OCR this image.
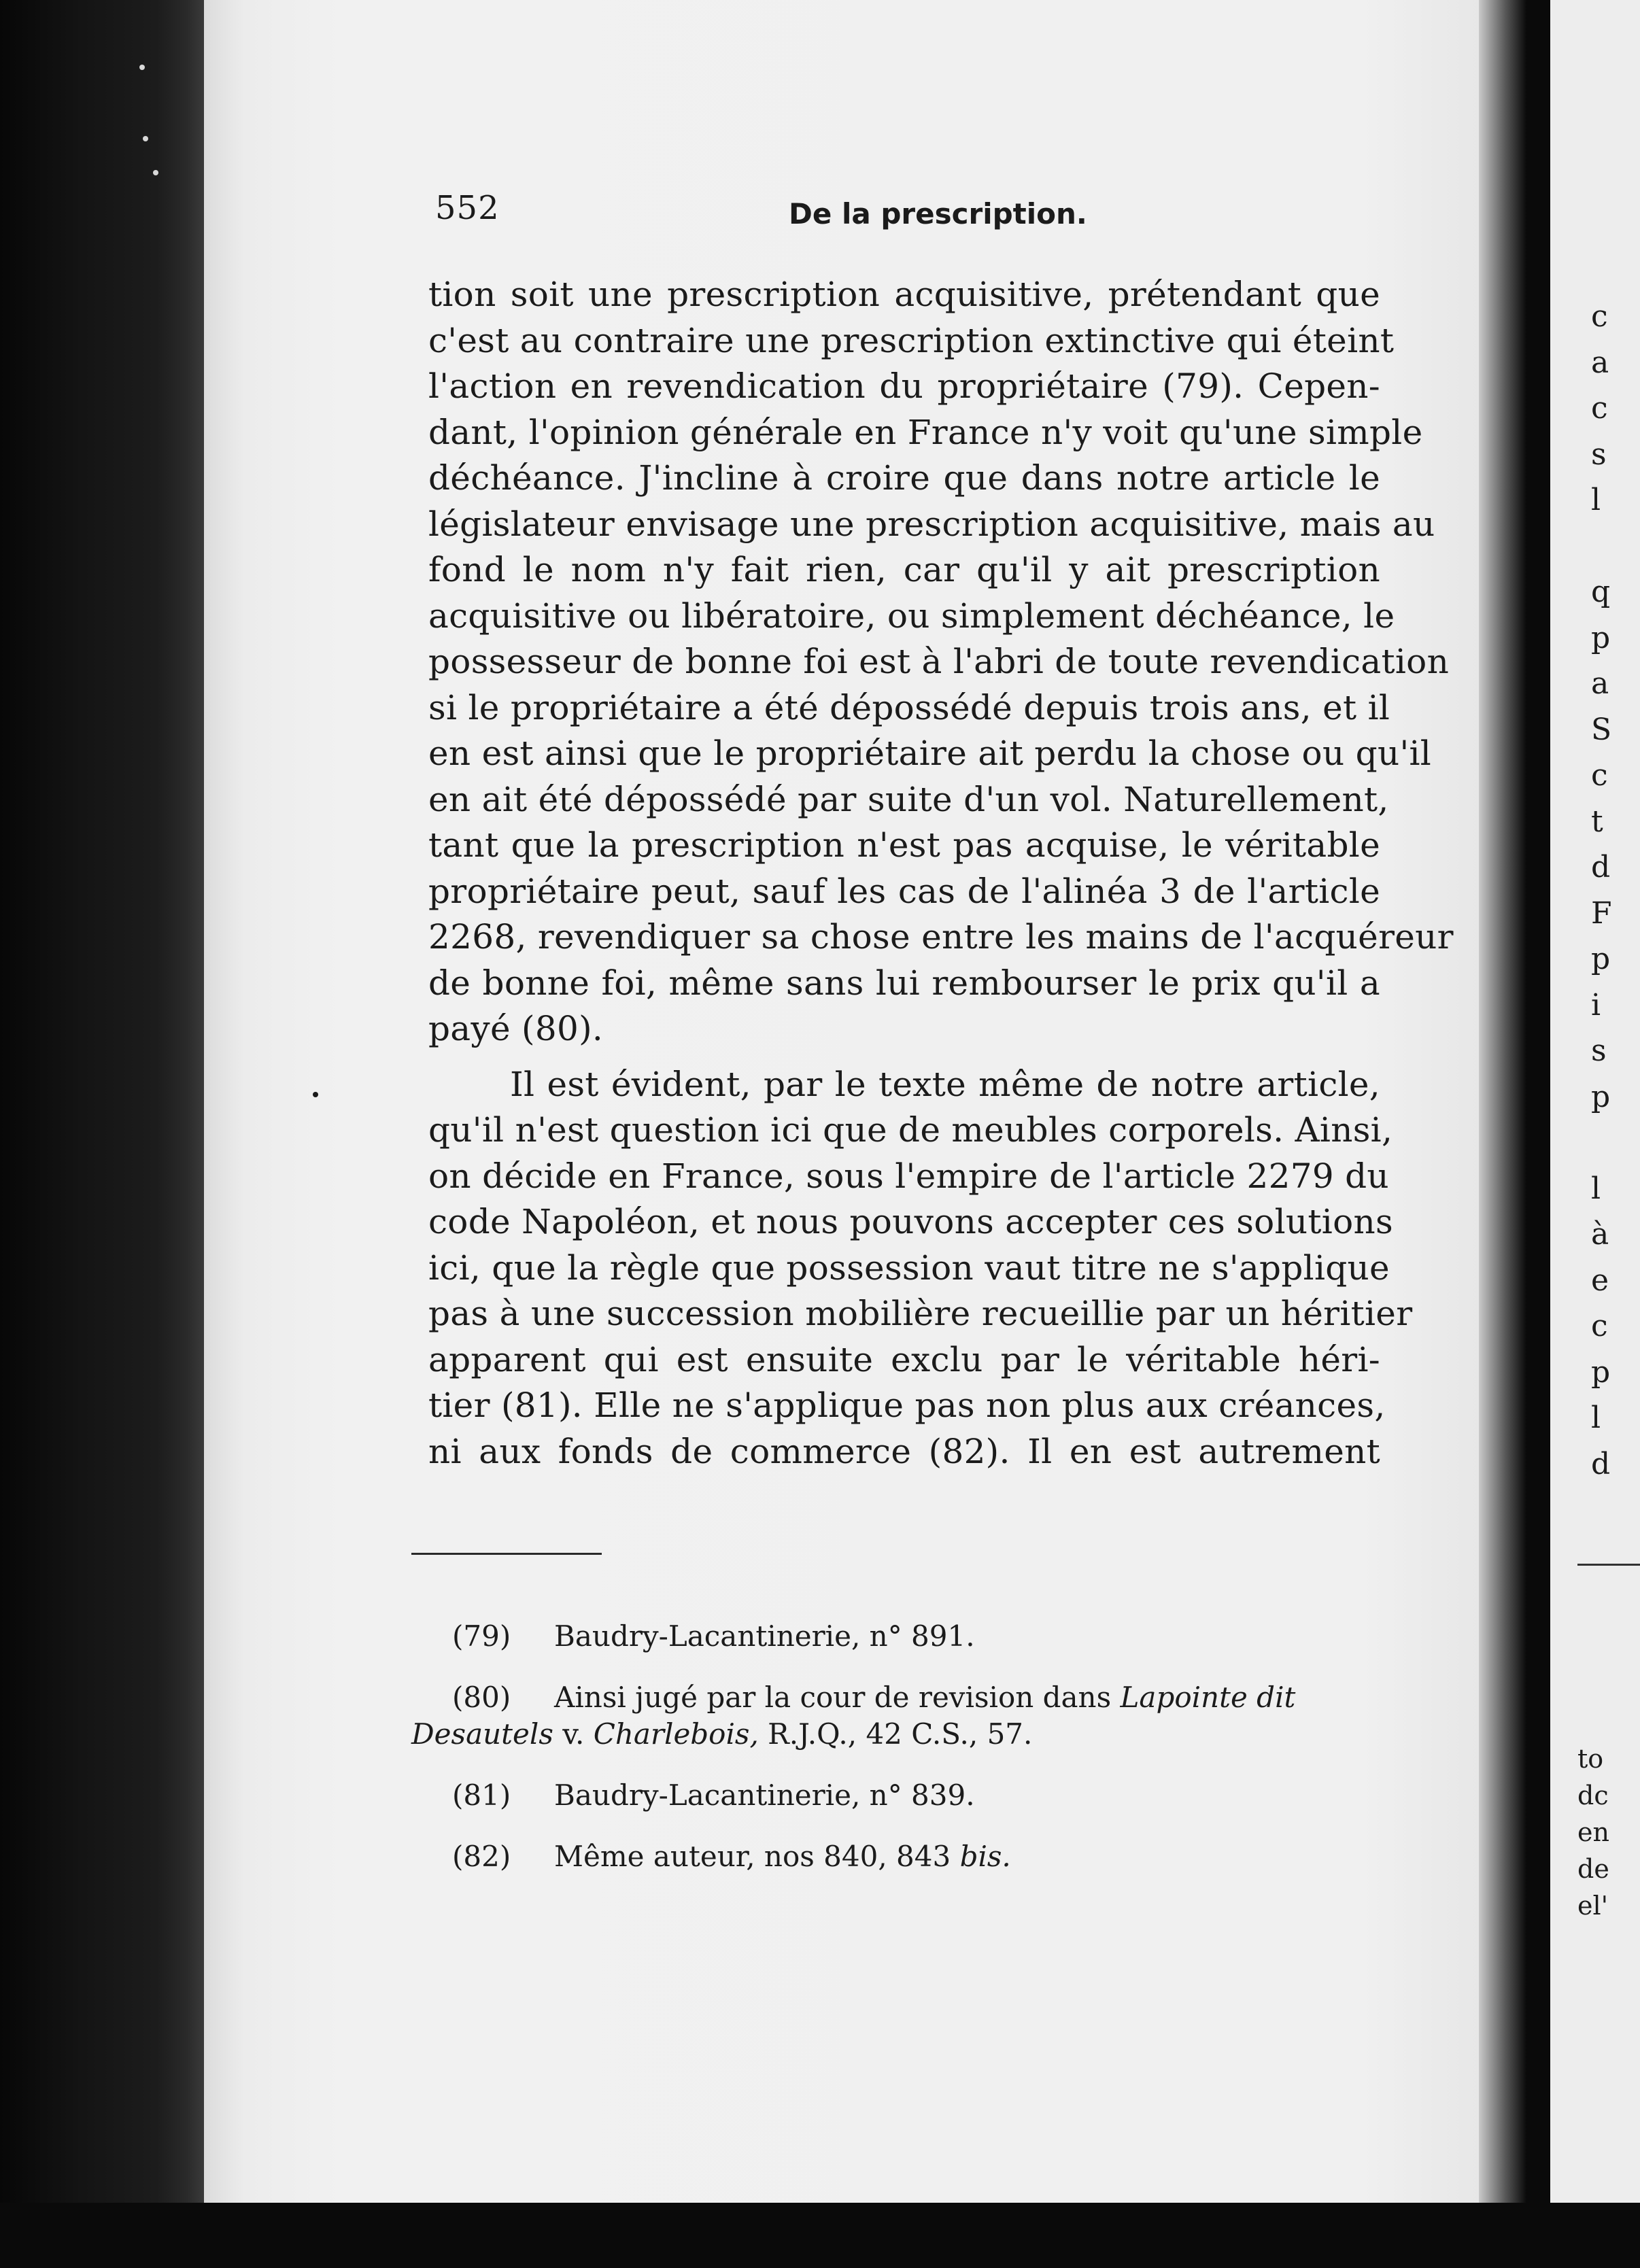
552	De la prescription.
tion soit une prescription acquisitive, prétendant que
c'est au contraire une prescription extinctive qui éteint
l'action en revendication du propriétaire (79). Cepen-
dant, l'opinion générale en France n'y voit qu'une simple
déchéance. J'incline à croire que dans notre article le
législateur envisage une prescription acquisitive, mais au
fond le nom n'y fait rien, car qu'il y ait prescription
acquisitive ou libératoire, ou simplement déchéance, le
possesseur de bonne foi est à l'abri de toute revendication
si le propriétaire a été dépossédé depuis trois ans, et il
en est ainsi que le propriétaire ait perdu la chose ou qu'il
en ait été dépossédé par suite d'un vol. Naturellement,
tant que la prescription n'est pas acquise, le véritable
propriétaire peut, sauf les cas de l'alinéa 3 de l'article
2268, revendiquer sa chose entre les mains de l'acquéreur
de bonne foi, même sans lui rembourser le prix qu'il a
payé (80).
Il est évident, par le texte même de notre article,
qu'il n'est question ici que de meubles corporels. Ainsi,
on décide en France, sous l'empire de l'article 2279 du
code Napoléon, et nous pouvons accepter ces solutions
ici, que la règle que possession vaut titre ne s'applique
pas à une succession mobilière recueillie par un héritier
apparent qui est ensuite exclu par le véritable héri-
tier (81). Elle ne s'applique pas non plus aux créances,
ni aux fonds de commerce (82). Il en est autrement
(79) Baudry-Lacantinerie, n° 891.
(80) Ainsi jugé par la cour de revision dans Lapointe dit
Desautels v. Charlebois, R.J.Q., 42 C.S., 57.
(81) Baudry-Lacantinerie, n° 839.
(82) Même auteur, nos 840, 843 bis.
c
a
c
s
l
q
p
a
S
c
t
d
F
p
i
s
p
l
à
e
c
p
l
d
to
dc
en
de
el'
